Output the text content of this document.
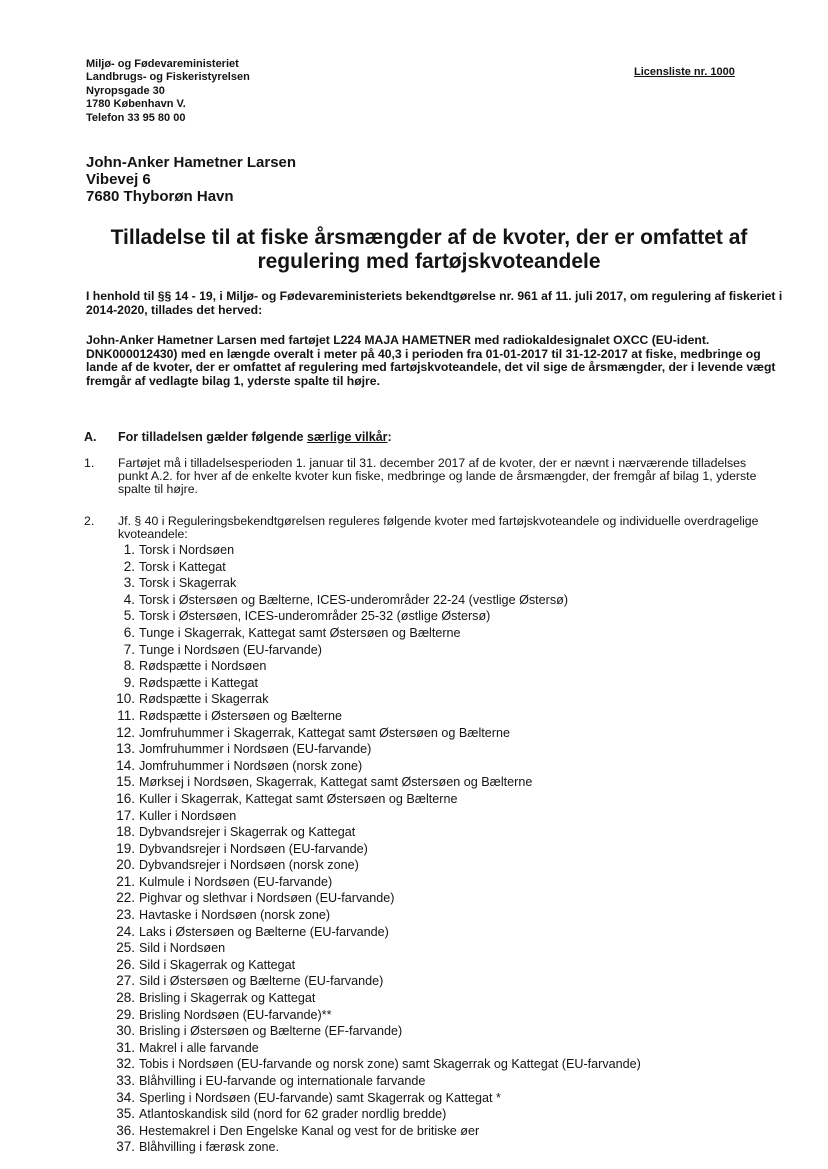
Miljø- og Fødevareministeriet
Landbrugs- og Fiskeristyrelsen
Nyropsgade 30
1780 København V.
Telefon 33 95 80 00
Licensliste nr. 1000
John-Anker Hametner Larsen
Vibevej 6
7680 Thyborøn Havn
Tilladelse til at fiske årsmængder af de kvoter, der er omfattet af regulering med fartøjskvoteandele
I henhold til §§ 14 - 19, i Miljø- og Fødevareministeriets bekendtgørelse nr. 961 af 11. juli 2017, om regulering af fiskeriet i 2014-2020, tillades det herved:
John-Anker Hametner Larsen med fartøjet L224 MAJA HAMETNER med radiokaldesignalet OXCC (EU-ident. DNK000012430) med en længde overalt i meter på 40,3 i perioden fra 01-01-2017 til 31-12-2017 at fiske, medbringe og lande af de kvoter, der er omfattet af regulering med fartøjskvoteandele, det vil sige de årsmængder, der i levende vægt fremgår af vedlagte bilag 1, yderste spalte til højre.
A. For tilladelsen gælder følgende særlige vilkår:
1. Fartøjet må i tilladelsesperioden 1. januar til 31. december 2017 af de kvoter, der er nævnt i nærværende tilladelses punkt A.2. for hver af de enkelte kvoter kun fiske, medbringe og lande de årsmængder, der fremgår af bilag 1, yderste spalte til højre.
2. Jf. § 40 i Reguleringsbekendtgørelsen reguleres følgende kvoter med fartøjskvoteandele og individuelle overdragelige kvoteandele:
1. Torsk i Nordsøen
2. Torsk i Kattegat
3. Torsk i Skagerrak
4. Torsk i Østersøen og Bælterne, ICES-underområder 22-24 (vestlige Østersø)
5. Torsk i Østersøen, ICES-underområder 25-32 (østlige Østersø)
6. Tunge i Skagerrak, Kattegat samt Østersøen og Bælterne
7. Tunge i Nordsøen (EU-farvande)
8. Rødspætte i Nordsøen
9. Rødspætte i Kattegat
10. Rødspætte i Skagerrak
11. Rødspætte i Østersøen og Bælterne
12. Jomfruhummer i Skagerrak, Kattegat samt Østersøen og Bælterne
13. Jomfruhummer i Nordsøen (EU-farvande)
14. Jomfruhummer i Nordsøen (norsk zone)
15. Mørksej i Nordsøen, Skagerrak, Kattegat samt Østersøen og Bælterne
16. Kuller i Skagerrak, Kattegat samt Østersøen og Bælterne
17. Kuller i Nordsøen
18. Dybvandsrejer i Skagerrak og Kattegat
19. Dybvandsrejer i Nordsøen (EU-farvande)
20. Dybvandsrejer i Nordsøen (norsk zone)
21. Kulmule i Nordsøen (EU-farvande)
22. Pighvar og slethvar i Nordsøen (EU-farvande)
23. Havtaske i Nordsøen (norsk zone)
24. Laks i Østersøen og Bælterne (EU-farvande)
25. Sild i Nordsøen
26. Sild i Skagerrak og Kattegat
27. Sild i Østersøen og Bælterne (EU-farvande)
28. Brisling i Skagerrak og Kattegat
29. Brisling Nordsøen (EU-farvande)**
30. Brisling i Østersøen og Bælterne (EF-farvande)
31. Makrel i alle farvande
32. Tobis i Nordsøen (EU-farvande og norsk zone) samt Skagerrak og Kattegat (EU-farvande)
33. Blåhvilling i EU-farvande og internationale farvande
34. Sperling i Nordsøen (EU-farvande) samt Skagerrak og Kattegat *
35. Atlantoskandisk sild (nord for 62 grader nordlig bredde)
36. Hestemakrel i Den Engelske Kanal og vest for de britiske øer
37. Blåhvilling i færøsk zone.
